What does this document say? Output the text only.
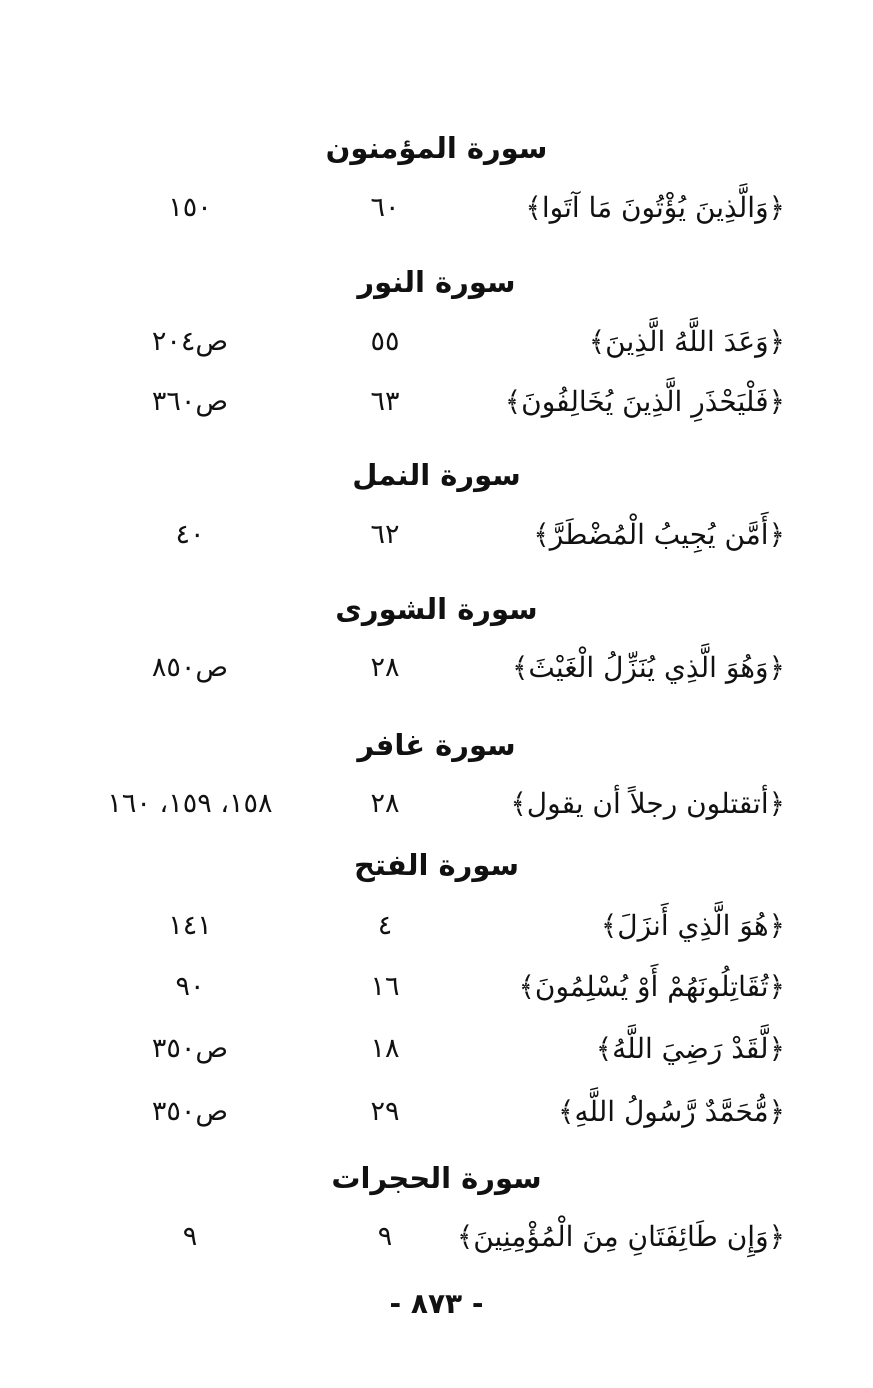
سورة المؤمنون
﴿وَالَّذِينَ يُؤْتُونَ مَا آتَوا﴾
٦٠
١٥٠
سورة النور
﴿وَعَدَ اللَّهُ الَّذِينَ﴾
٥٥
ص٢٠٤
﴿فَلْيَحْذَرِ الَّذِينَ يُخَالِفُونَ﴾
٦٣
ص٣٦٠
سورة النمل
﴿أَمَّن يُجِيبُ الْمُضْطَرَّ﴾
٦٢
٤٠
سورة الشورى
﴿وَهُوَ الَّذِي يُنَزِّلُ الْغَيْثَ﴾
٢٨
ص٨٥٠
سورة غافر
﴿أتقتلون رجلاً أن يقول﴾
٢٨
١٥٨، ١٥٩، ١٦٠
سورة الفتح
﴿هُوَ الَّذِي أَنزَلَ﴾
٤
١٤١
﴿تُقَاتِلُونَهُمْ أَوْ يُسْلِمُونَ﴾
١٦
٩٠
﴿لَّقَدْ رَضِيَ اللَّهُ﴾
١٨
ص٣٥٠
﴿مُّحَمَّدٌ رَّسُولُ اللَّهِ﴾
٢٩
ص٣٥٠
سورة الحجرات
﴿وَإِن طَائِفَتَانِ مِنَ الْمُؤْمِنِينَ﴾
٩
٩
- ٨٧٣ -
